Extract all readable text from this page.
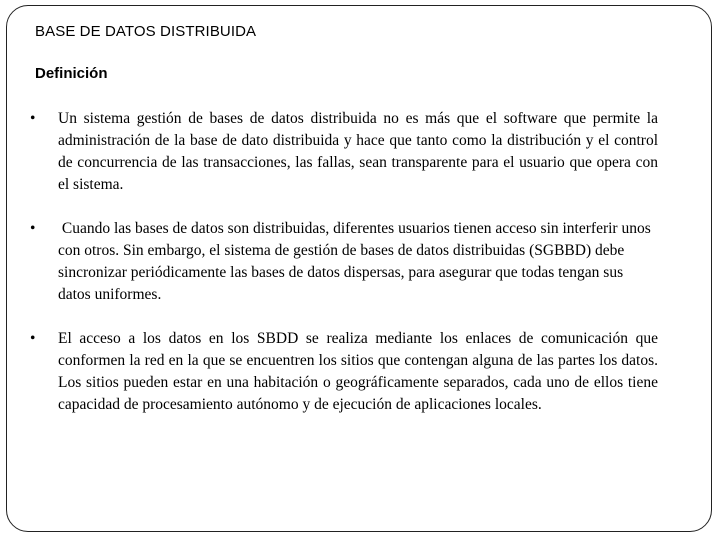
BASE DE DATOS DISTRIBUIDA
Definición
• Un sistema gestión de bases de datos distribuida no es más que el software que permite la administración de la base de dato distribuida y hace que tanto como la distribución y el control de concurrencia de las transacciones, las fallas, sean transparente para el usuario que opera con el sistema.
• Cuando las bases de datos son distribuidas, diferentes usuarios tienen acceso sin interferir unos con otros. Sin embargo, el sistema de gestión de bases de datos distribuidas (SGBBD) debe sincronizar periódicamente las bases de datos dispersas, para asegurar que todas tengan sus datos uniformes.
• El acceso a los datos en los SBDD se realiza mediante los enlaces de comunicación que conformen la red en la que se encuentren los sitios que contengan alguna de las partes los datos. Los sitios pueden estar en una habitación o geográficamente separados, cada uno de ellos tiene capacidad de procesamiento autónomo y de ejecución de aplicaciones locales.
